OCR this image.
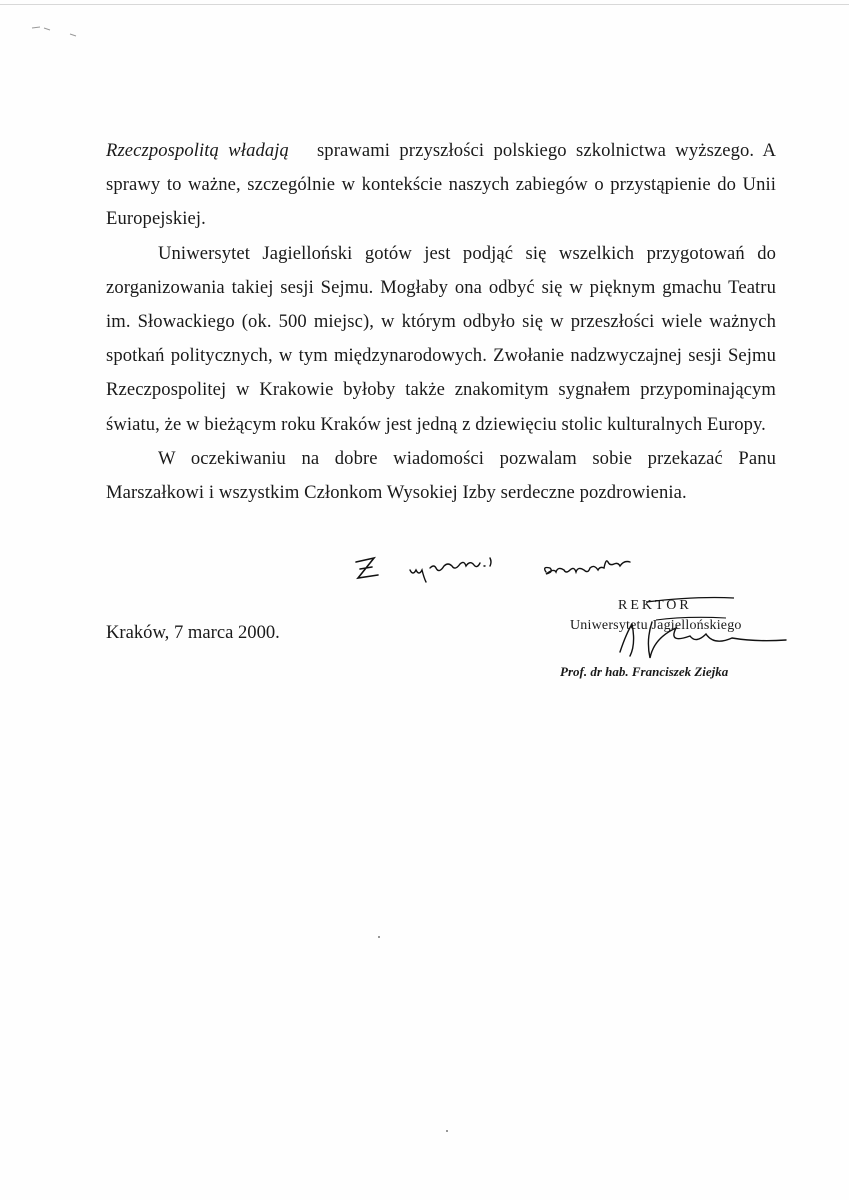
Rzeczpospolitą władają sprawami przyszłości polskiego szkolnictwa wyższego. A sprawy to ważne, szczególnie w kontekście naszych zabiegów o przystąpienie do Unii Europejskiej.

Uniwersytet Jagielloński gotów jest podjąć się wszelkich przygotowań do zorganizowania takiej sesji Sejmu. Mogłaby ona odbyć się w pięknym gmachu Teatru im. Słowackiego (ok. 500 miejsc), w którym odbyło się w przeszłości wiele ważnych spotkań politycznych, w tym międzynarodowych. Zwołanie nadzwyczajnej sesji Sejmu Rzeczpospolitej w Krakowie byłoby także znakomitym sygnałem przypominającym światu, że w bieżącym roku Kraków jest jedną z dziewięciu stolic kulturalnych Europy.

W oczekiwaniu na dobre wiadomości pozwalam sobie przekazać Panu Marszałkowi i wszystkim Członkom Wysokiej Izby serdeczne pozdrowienia.

Kraków, 7 marca 2000.
REKTOR
Uniwersytetu Jagiellońskiego
Prof. dr hab. Franciszek Ziejka
